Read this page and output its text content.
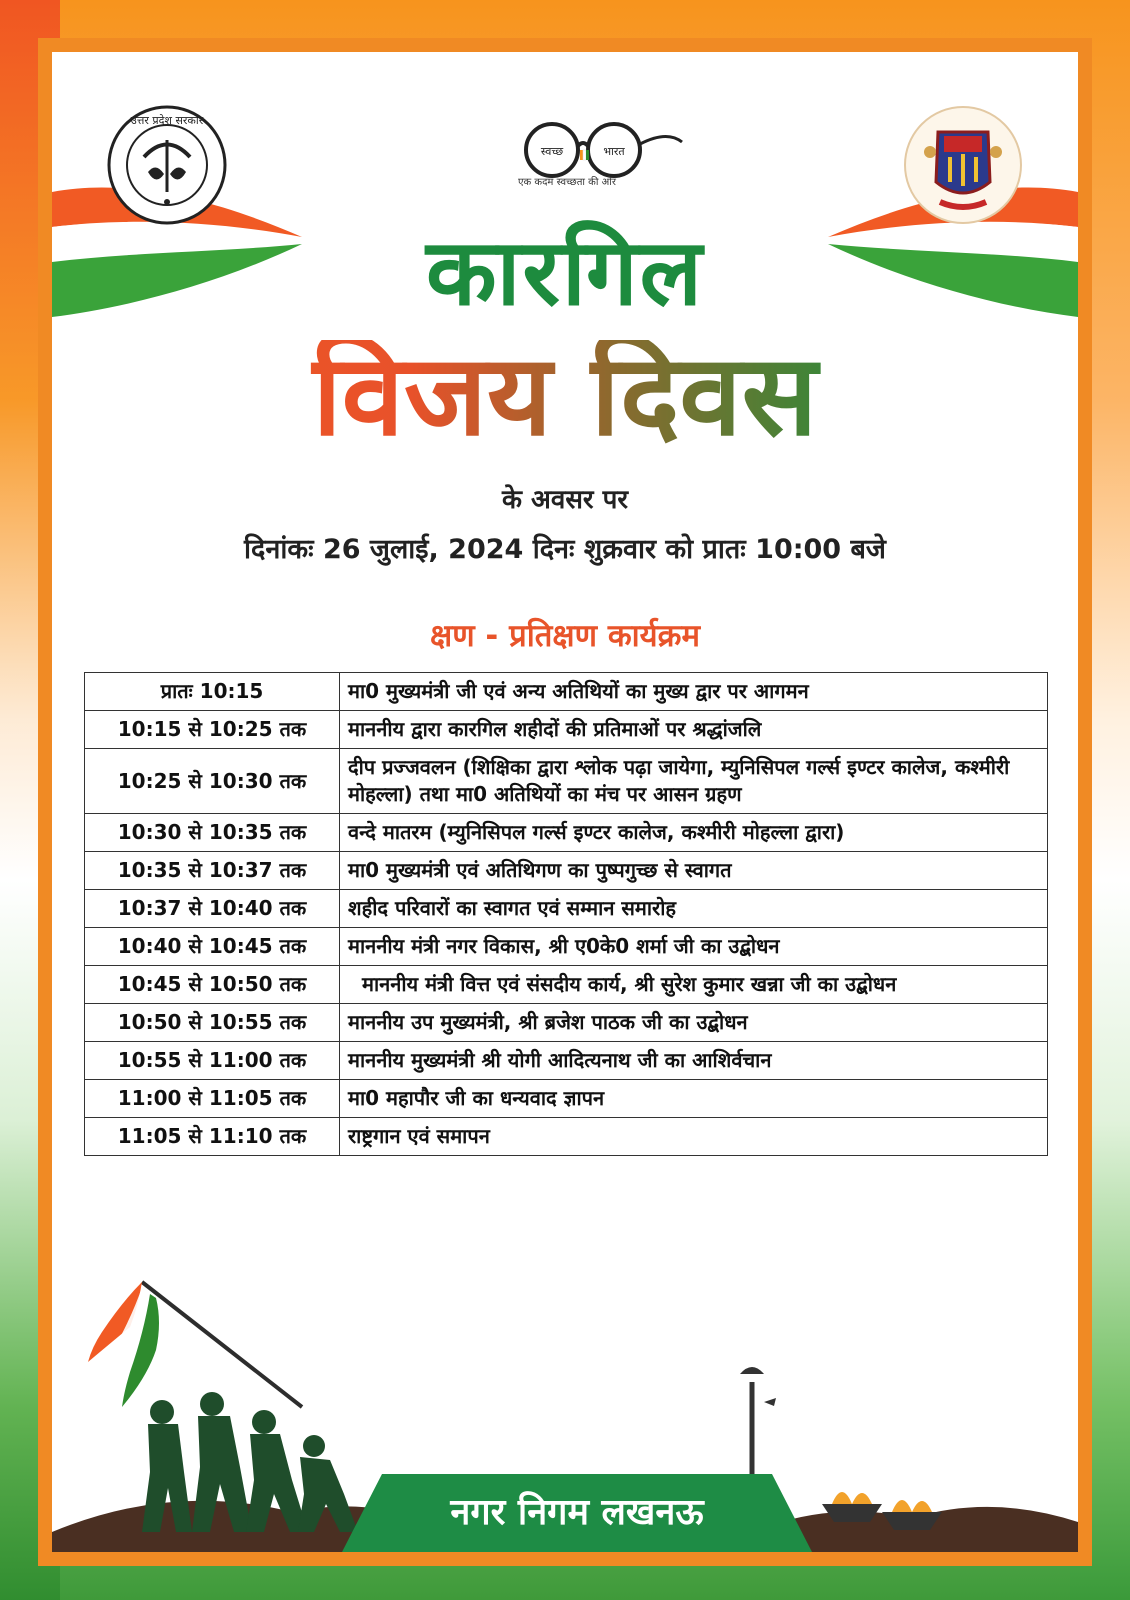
उत्तर प्रदेश सरकार
स्वच्छ	भारत
एक कदम स्वच्छता की ओर
कारगिल
विजय दिवस
के अवसर पर
दिनांकः 26 जुलाई, 2024 दिनः शुक्रवार को प्रातः 10:00 बजे
क्षण - प्रतिक्षण कार्यक्रम
प्रातः 10:15	मा0 मुख्यमंत्री जी एवं अन्य अतिथियों का मुख्य द्वार पर आगमन
10:15 से 10:25 तक	माननीय द्वारा कारगिल शहीदों की प्रतिमाओं पर श्रद्धांजलि
10:25 से 10:30 तक	दीप प्रज्जवलन (शिक्षिका द्वारा श्लोक पढ़ा जायेगा, म्युनिसिपल गर्ल्स इण्टर कालेज, कश्मीरी मोहल्ला) तथा मा0 अतिथियों का मंच पर आसन ग्रहण
10:30 से 10:35 तक	वन्दे मातरम (म्युनिसिपल गर्ल्स इण्टर कालेज, कश्मीरी मोहल्ला द्वारा)
10:35 से 10:37 तक	मा0 मुख्यमंत्री एवं अतिथिगण का पुष्पगुच्छ से स्वागत
10:37 से 10:40 तक	शहीद परिवारों का स्वागत एवं सम्मान समारोह
10:40 से 10:45 तक	माननीय मंत्री नगर विकास, श्री ए0के0 शर्मा जी का उद्बोधन
10:45 से 10:50 तक	माननीय मंत्री वित्त एवं संसदीय कार्य, श्री सुरेश कुमार खन्ना जी का उद्बोधन
10:50 से 10:55 तक	माननीय उप मुख्यमंत्री, श्री ब्रजेश पाठक जी का उद्बोधन
10:55 से 11:00 तक	माननीय मुख्यमंत्री श्री योगी आदित्यनाथ जी का आशिर्वचान
11:00 से 11:05 तक	मा0 महापौर जी का धन्यवाद ज्ञापन
11:05 से 11:10 तक	राष्ट्रगान एवं समापन
नगर निगम लखनऊ
